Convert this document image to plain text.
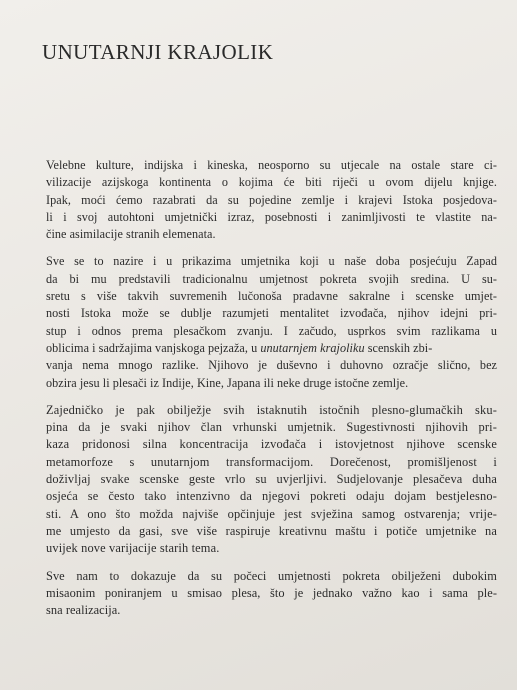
UNUTARNJI KRAJOLIK
Velebne kulture, indijska i kineska, neosporno su utjecale na ostale stare ci-
vilizacije azijskoga kontinenta o kojima će biti riječi u ovom dijelu knjige.
Ipak, moći ćemo razabrati da su pojedine zemlje i krajevi Istoka posjedova-
li i svoj autohtoni umjetnički izraz, posebnosti i zanimljivosti te vlastite na-
čine asimilacije stranih elemenata.
Sve se to nazire i u prikazima umjetnika koji u naše doba posjećuju Zapad
da bi mu predstavili tradicionalnu umjetnost pokreta svojih sredina. U su-
sretu s više takvih suvremenih lučonoša pradavne sakralne i scenske umjet-
nosti Istoka može se dublje razumjeti mentalitet izvođača, njihov idejni pri-
stup i odnos prema plesačkom zvanju. I začudo, usprkos svim razlikama u
oblicima i sadržajima vanjskoga pejzaža, u unutarnjem krajoliku scenskih zbi-
vanja nema mnogo razlike. Njihovo je duševno i duhovno ozračje slično, bez
obzira jesu li plesači iz Indije, Kine, Japana ili neke druge istočne zemlje.
Zajedničko je pak obilježje svih istaknutih istočnih plesno-glumačkih sku-
pina da je svaki njihov član vrhunski umjetnik. Sugestivnosti njihovih pri-
kaza pridonosi silna koncentracija izvođača i istovjetnost njihove scenske
metamorfoze s unutarnjom transformacijom. Dorečenost, promišljenost i
doživljaj svake scenske geste vrlo su uvjerljivi. Sudjelovanje plesačeva duha
osjeća se često tako intenzivno da njegovi pokreti odaju dojam bestjelesno-
sti. A ono što možda najviše opčinjuje jest svježina samog ostvarenja; vrije-
me umjesto da gasi, sve više raspiruje kreativnu maštu i potiče umjetnike na
uvijek nove varijacije starih tema.
Sve nam to dokazuje da su počeci umjetnosti pokreta obilježeni dubokim
misaonim poniranjem u smisao plesa, što je jednako važno kao i sama ple-
sna realizacija.
